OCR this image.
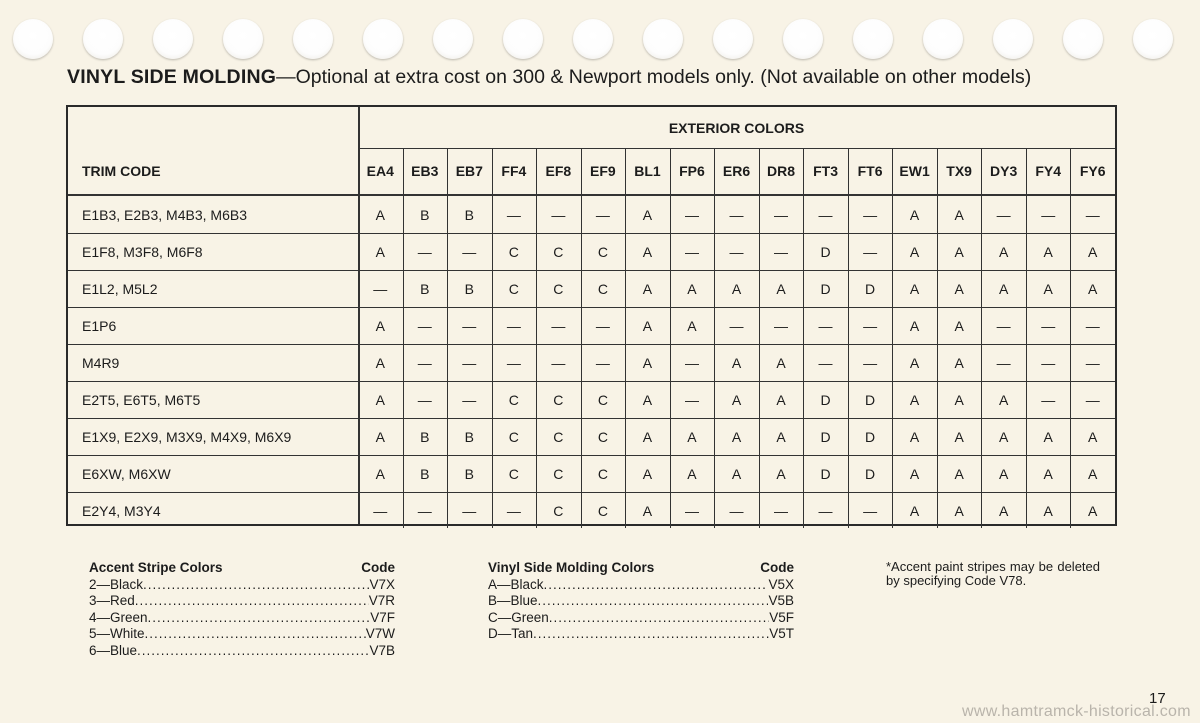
VINYL SIDE MOLDING—Optional at extra cost on 300 & Newport models only. (Not available on other models)
EXTERIOR COLORS
TRIM CODE	EA4	EB3	EB7	FF4	EF8	EF9	BL1	FP6	ER6	DR8	FT3	FT6	EW1	TX9	DY3	FY4	FY6
E1B3, E2B3, M4B3, M6B3	A	B	B	—	—	—	A	—	—	—	—	—	A	A	—	—	—
E1F8, M3F8, M6F8	A	—	—	C	C	C	A	—	—	—	D	—	A	A	A	A	A
E1L2, M5L2	—	B	B	C	C	C	A	A	A	A	D	D	A	A	A	A	A
E1P6	A	—	—	—	—	—	A	A	—	—	—	—	A	A	—	—	—
M4R9	A	—	—	—	—	—	A	—	A	A	—	—	A	A	—	—	—
E2T5, E6T5, M6T5	A	—	—	C	C	C	A	—	A	A	D	D	A	A	A	—	—
E1X9, E2X9, M3X9, M4X9, M6X9	A	B	B	C	C	C	A	A	A	A	D	D	A	A	A	A	A
E6XW, M6XW	A	B	B	C	C	C	A	A	A	A	D	D	A	A	A	A	A
E2Y4, M3Y4	—	—	—	—	C	C	A	—	—	—	—	—	A	A	A	A	A
Accent Stripe Colors	Code
2—Black .....	V7X
3—Red .....	V7R
4—Green .....	V7F
5—White .....	V7W
6—Blue .....	V7B
Vinyl Side Molding Colors	Code
A—Black .....	V5X
B—Blue .....	V5B
C—Green .....	V5F
D—Tan .....	V5T
*Accent paint stripes may be deleted by specifying Code V78.
17
www.hamtramck-historical.com
